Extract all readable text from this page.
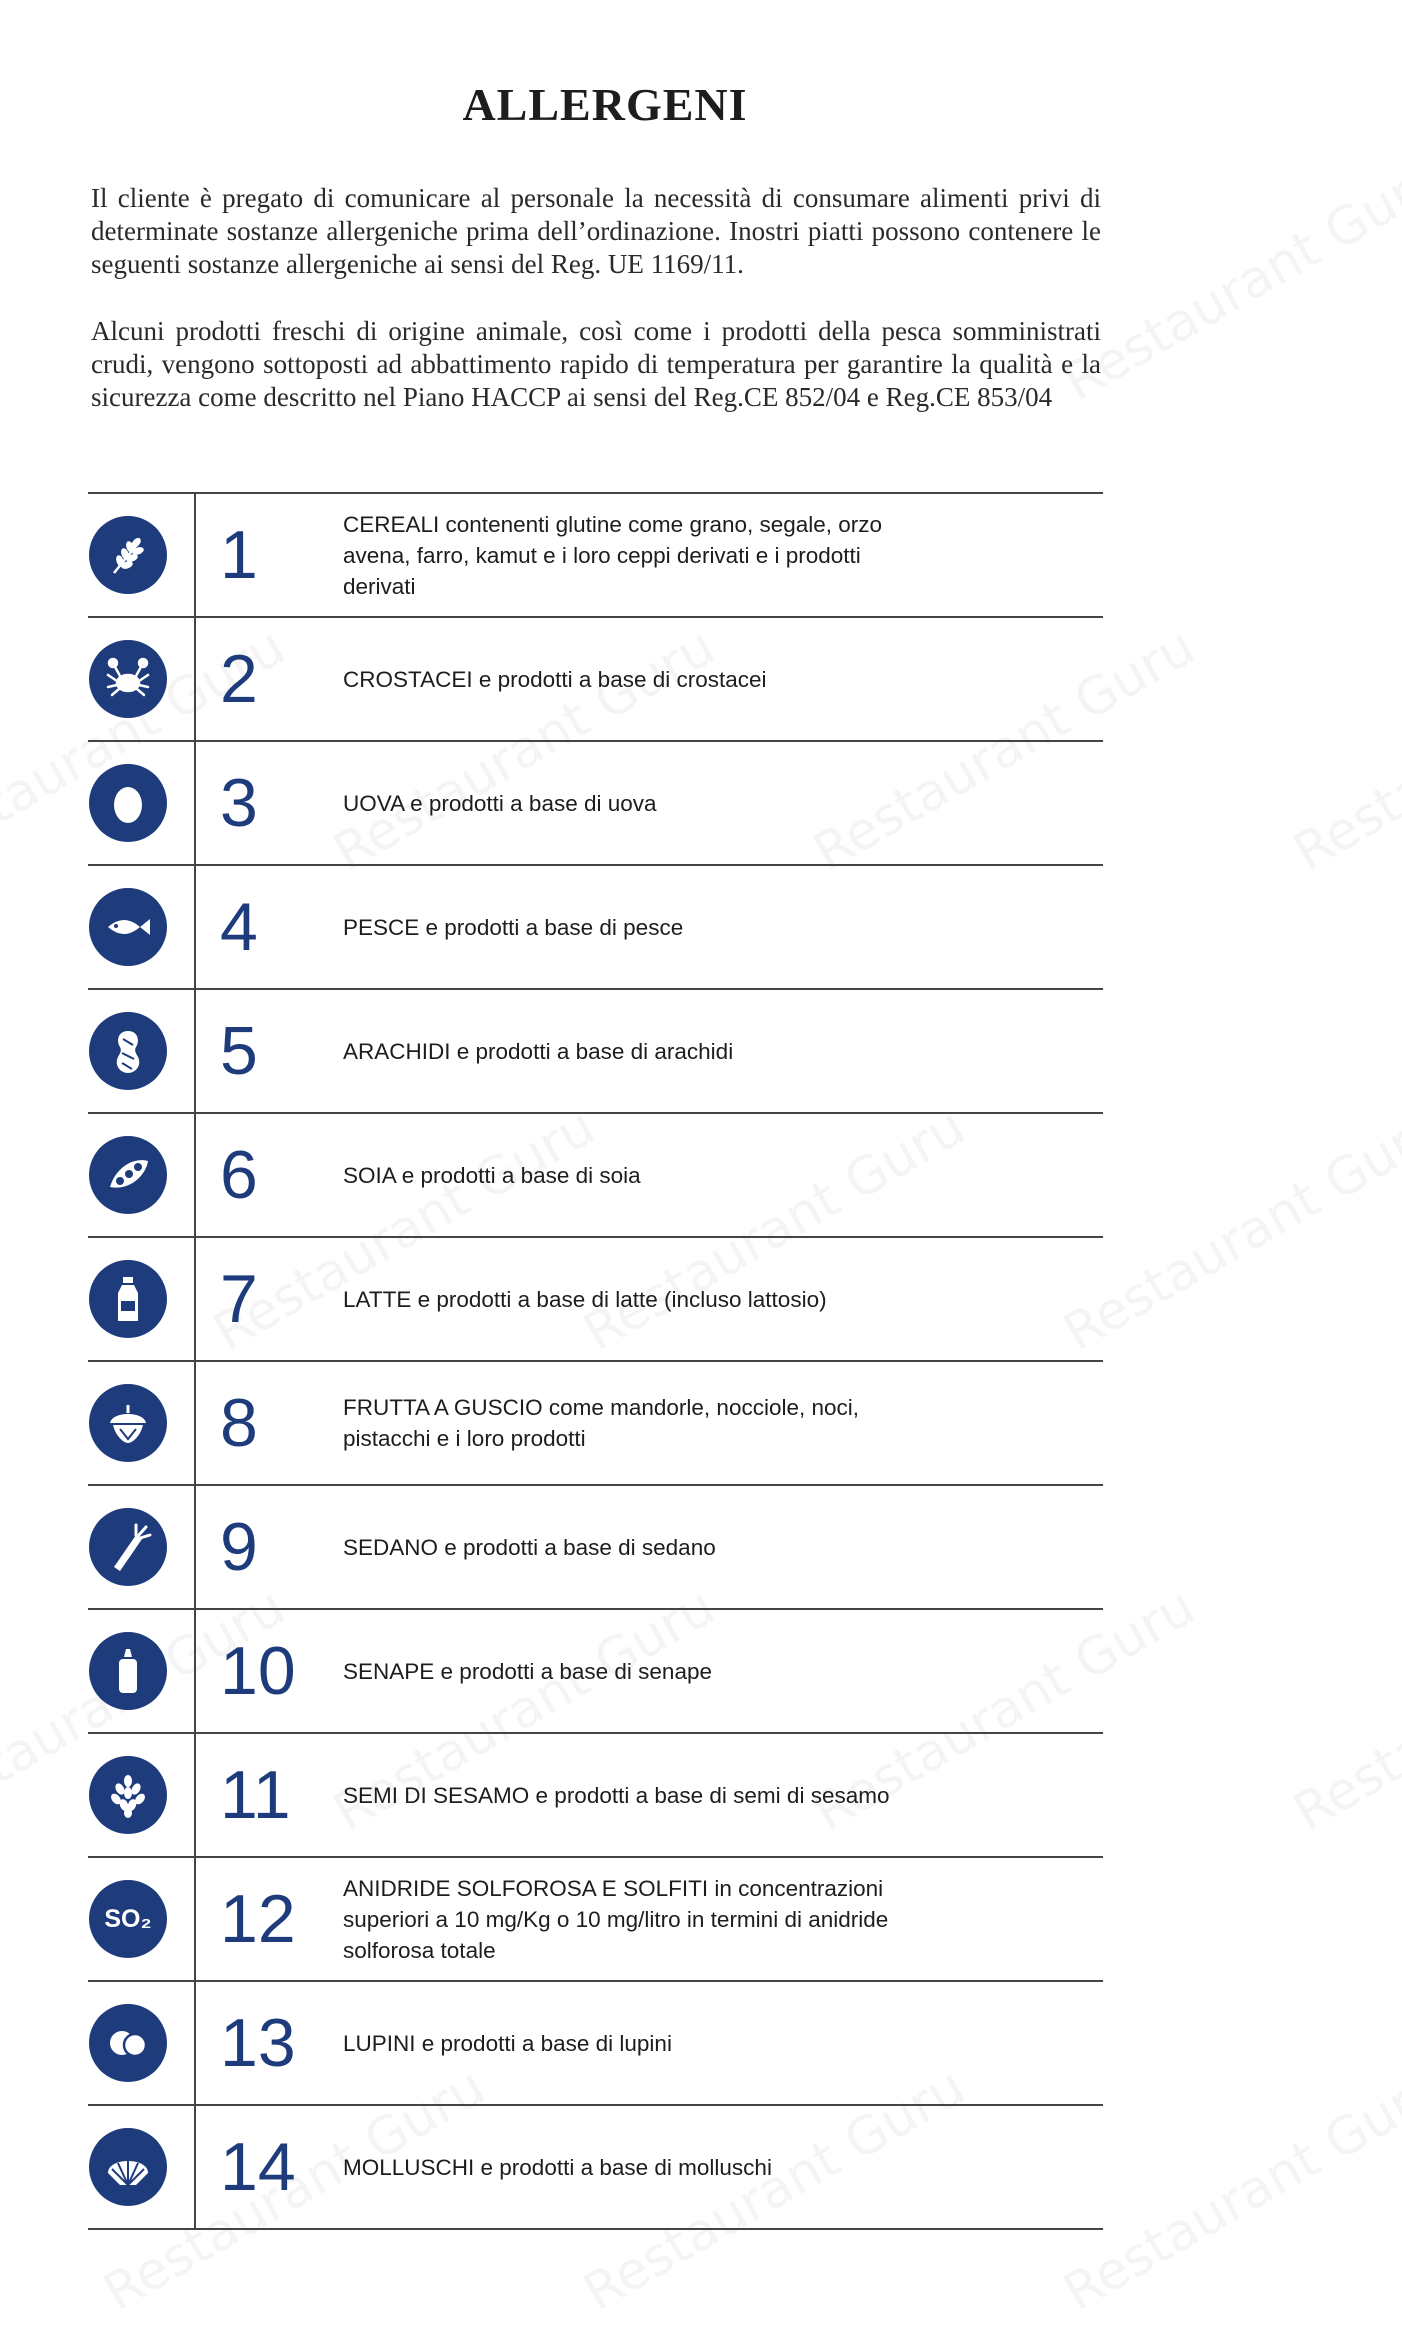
ALLERGENI

Il cliente è pregato di comunicare al personale la necessità di consumare alimenti privi di determinate sostanze allergeniche prima dell’ordinazione. Inostri piatti possono contenere le seguenti sostanze allergeniche ai sensi del Reg. UE 1169/11.

Alcuni prodotti freschi di origine animale, così come i prodotti della pesca somministrati crudi, vengono sottoposti ad abbattimento rapido di temperatura per garantire la qualità e la sicurezza come descritto nel Piano HACCP ai sensi del Reg.CE 852/04 e Reg.CE 853/04

1	CEREALI contenenti glutine come grano, segale, orzo avena, farro, kamut e i loro ceppi derivati e i prodotti derivati
2	CROSTACEI e prodotti a base di crostacei
3	UOVA e prodotti a base di uova
4	PESCE e prodotti a base di pesce
5	ARACHIDI e prodotti a base di arachidi
6	SOIA e prodotti a base di soia
7	LATTE e prodotti a base di latte (incluso lattosio)
8	FRUTTA A GUSCIO come mandorle, nocciole, noci, pistacchi e i loro prodotti
9	SEDANO e prodotti a base di sedano
10	SENAPE e prodotti a base di senape
11	SEMI DI SESAMO e prodotti a base di semi di sesamo
SO₂	12	ANIDRIDE SOLFOROSA E SOLFITI in concentrazioni superiori a 10 mg/Kg o 10 mg/litro in termini di anidride solforosa totale
13	LUPINI e prodotti a base di lupini
14	MOLLUSCHI e prodotti a base di molluschi
